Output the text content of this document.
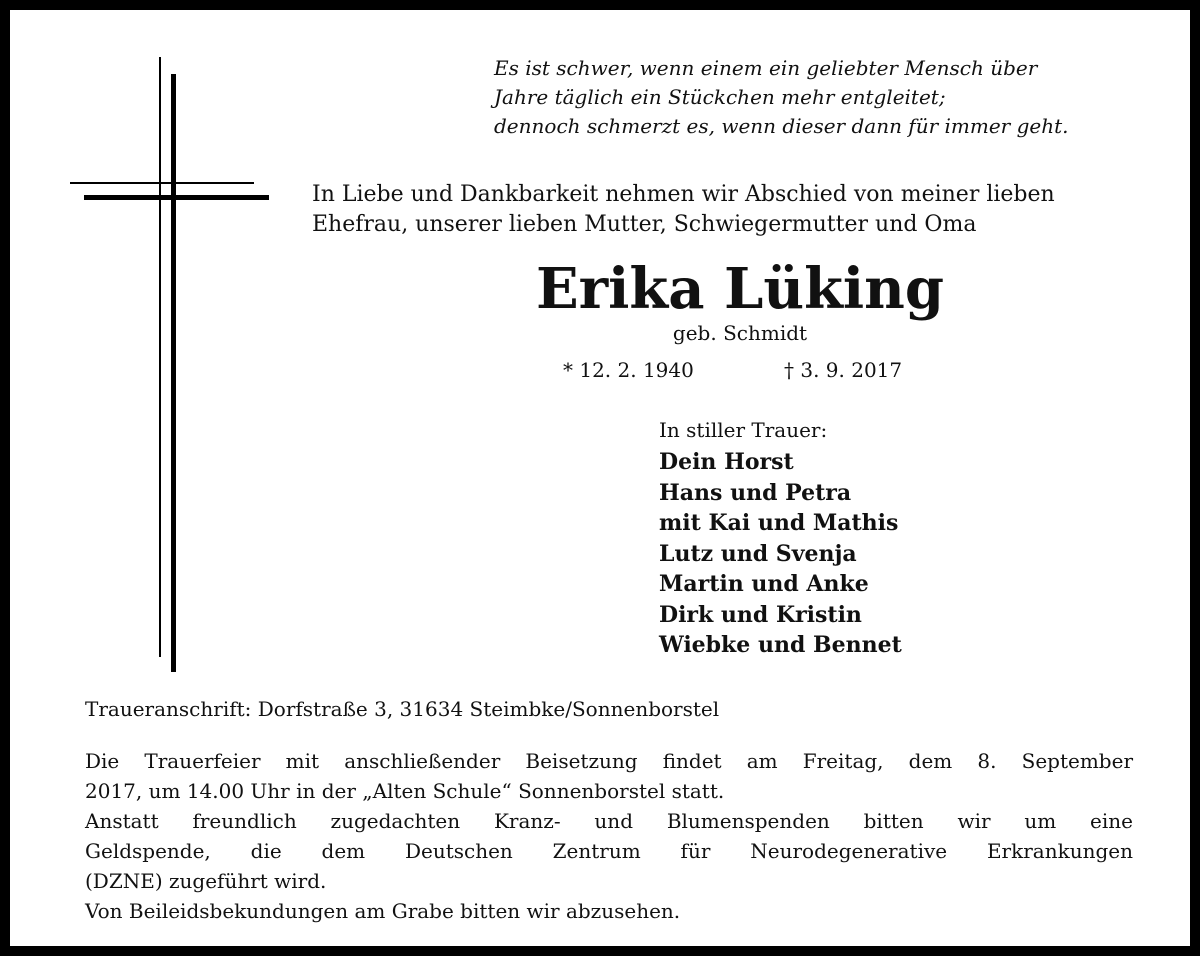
Es ist schwer, wenn einem ein geliebter Mensch über
Jahre täglich ein Stückchen mehr entgleitet;
dennoch schmerzt es, wenn dieser dann für immer geht.
In Liebe und Dankbarkeit nehmen wir Abschied von meiner lieben
Ehefrau, unserer lieben Mutter, Schwiegermutter und Oma
Erika Lüking
geb. Schmidt
* 12. 2. 1940	† 3. 9. 2017
In stiller Trauer:
Dein Horst
Hans und Petra
mit Kai und Mathis
Lutz und Svenja
Martin und Anke
Dirk und Kristin
Wiebke und Bennet
Traueranschrift: Dorfstraße 3, 31634 Steimbke/Sonnenborstel

Die Trauerfeier mit anschließender Beisetzung findet am Freitag, dem 8. September

2017, um 14.00 Uhr in der „Alten Schule“ Sonnenborstel statt.

Anstatt freundlich zugedachten Kranz- und Blumenspenden bitten wir um eine

Geldspende, die dem Deutschen Zentrum für Neurodegenerative Erkrankungen

(DZNE) zugeführt wird.

Von Beileidsbekundungen am Grabe bitten wir abzusehen.
